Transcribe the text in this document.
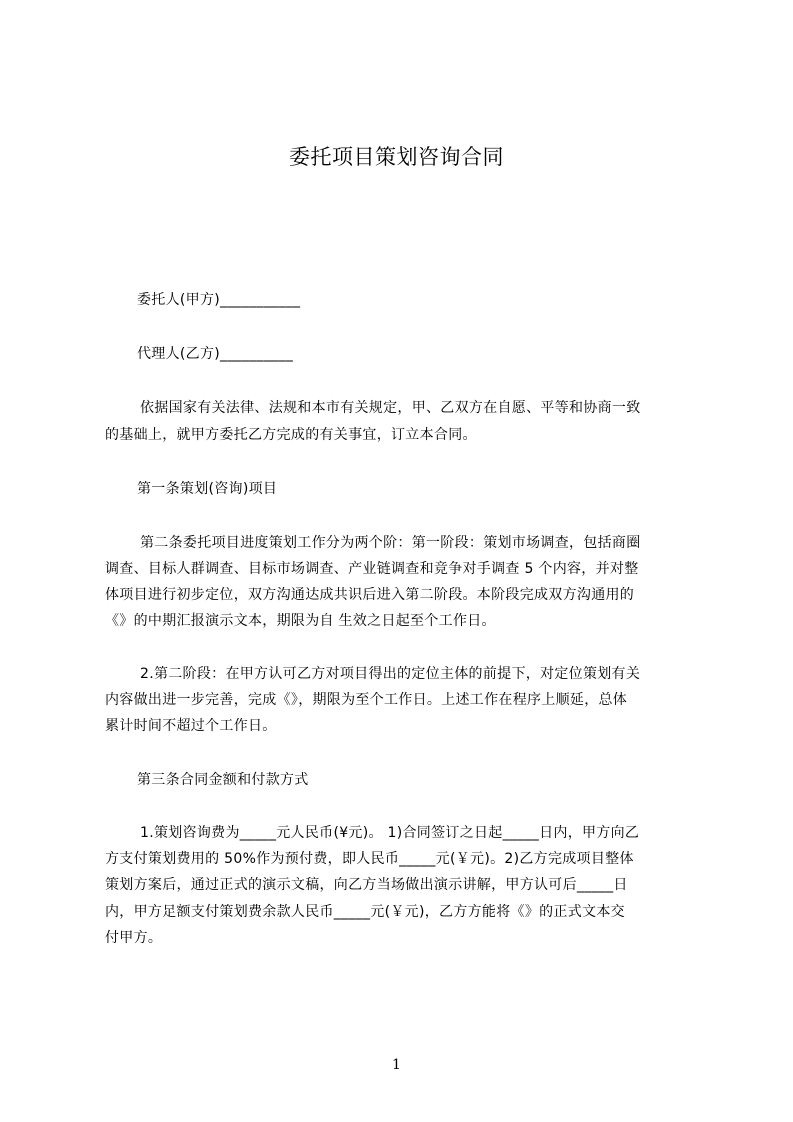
委托项目策划咨询合同
委托人(甲方)___________
代理人(乙方)__________
依据国家有关法律、法规和本市有关规定，甲、乙双方在自愿、平等和协商一致
的基础上，就甲方委托乙方完成的有关事宜，订立本合同。
第一条策划(咨询)项目
第二条委托项目进度策划工作分为两个阶：第一阶段：策划市场调查，包括商圈
调查、目标人群调查、目标市场调查、产业链调查和竞争对手调查 5 个内容，并对整
体项目进行初步定位，双方沟通达成共识后进入第二阶段。本阶段完成双方沟通用的
《》的中期汇报演示文本，期限为自 生效之日起至个工作日。
2.第二阶段：在甲方认可乙方对项目得出的定位主体的前提下，对定位策划有关
内容做出进一步完善，完成《》，期限为至个工作日。上述工作在程序上顺延，总体
累计时间不超过个工作日。
第三条合同金额和付款方式
1.策划咨询费为_____元人民币(¥元)。 1)合同签订之日起_____日内，甲方向乙
方支付策划费用的 50%作为预付费，即人民币_____元(￥元)。2)乙方完成项目整体
策划方案后，通过正式的演示文稿，向乙方当场做出演示讲解，甲方认可后_____日
内，甲方足额支付策划费余款人民币_____元(￥元)，乙方方能将《》的正式文本交
付甲方。
1
